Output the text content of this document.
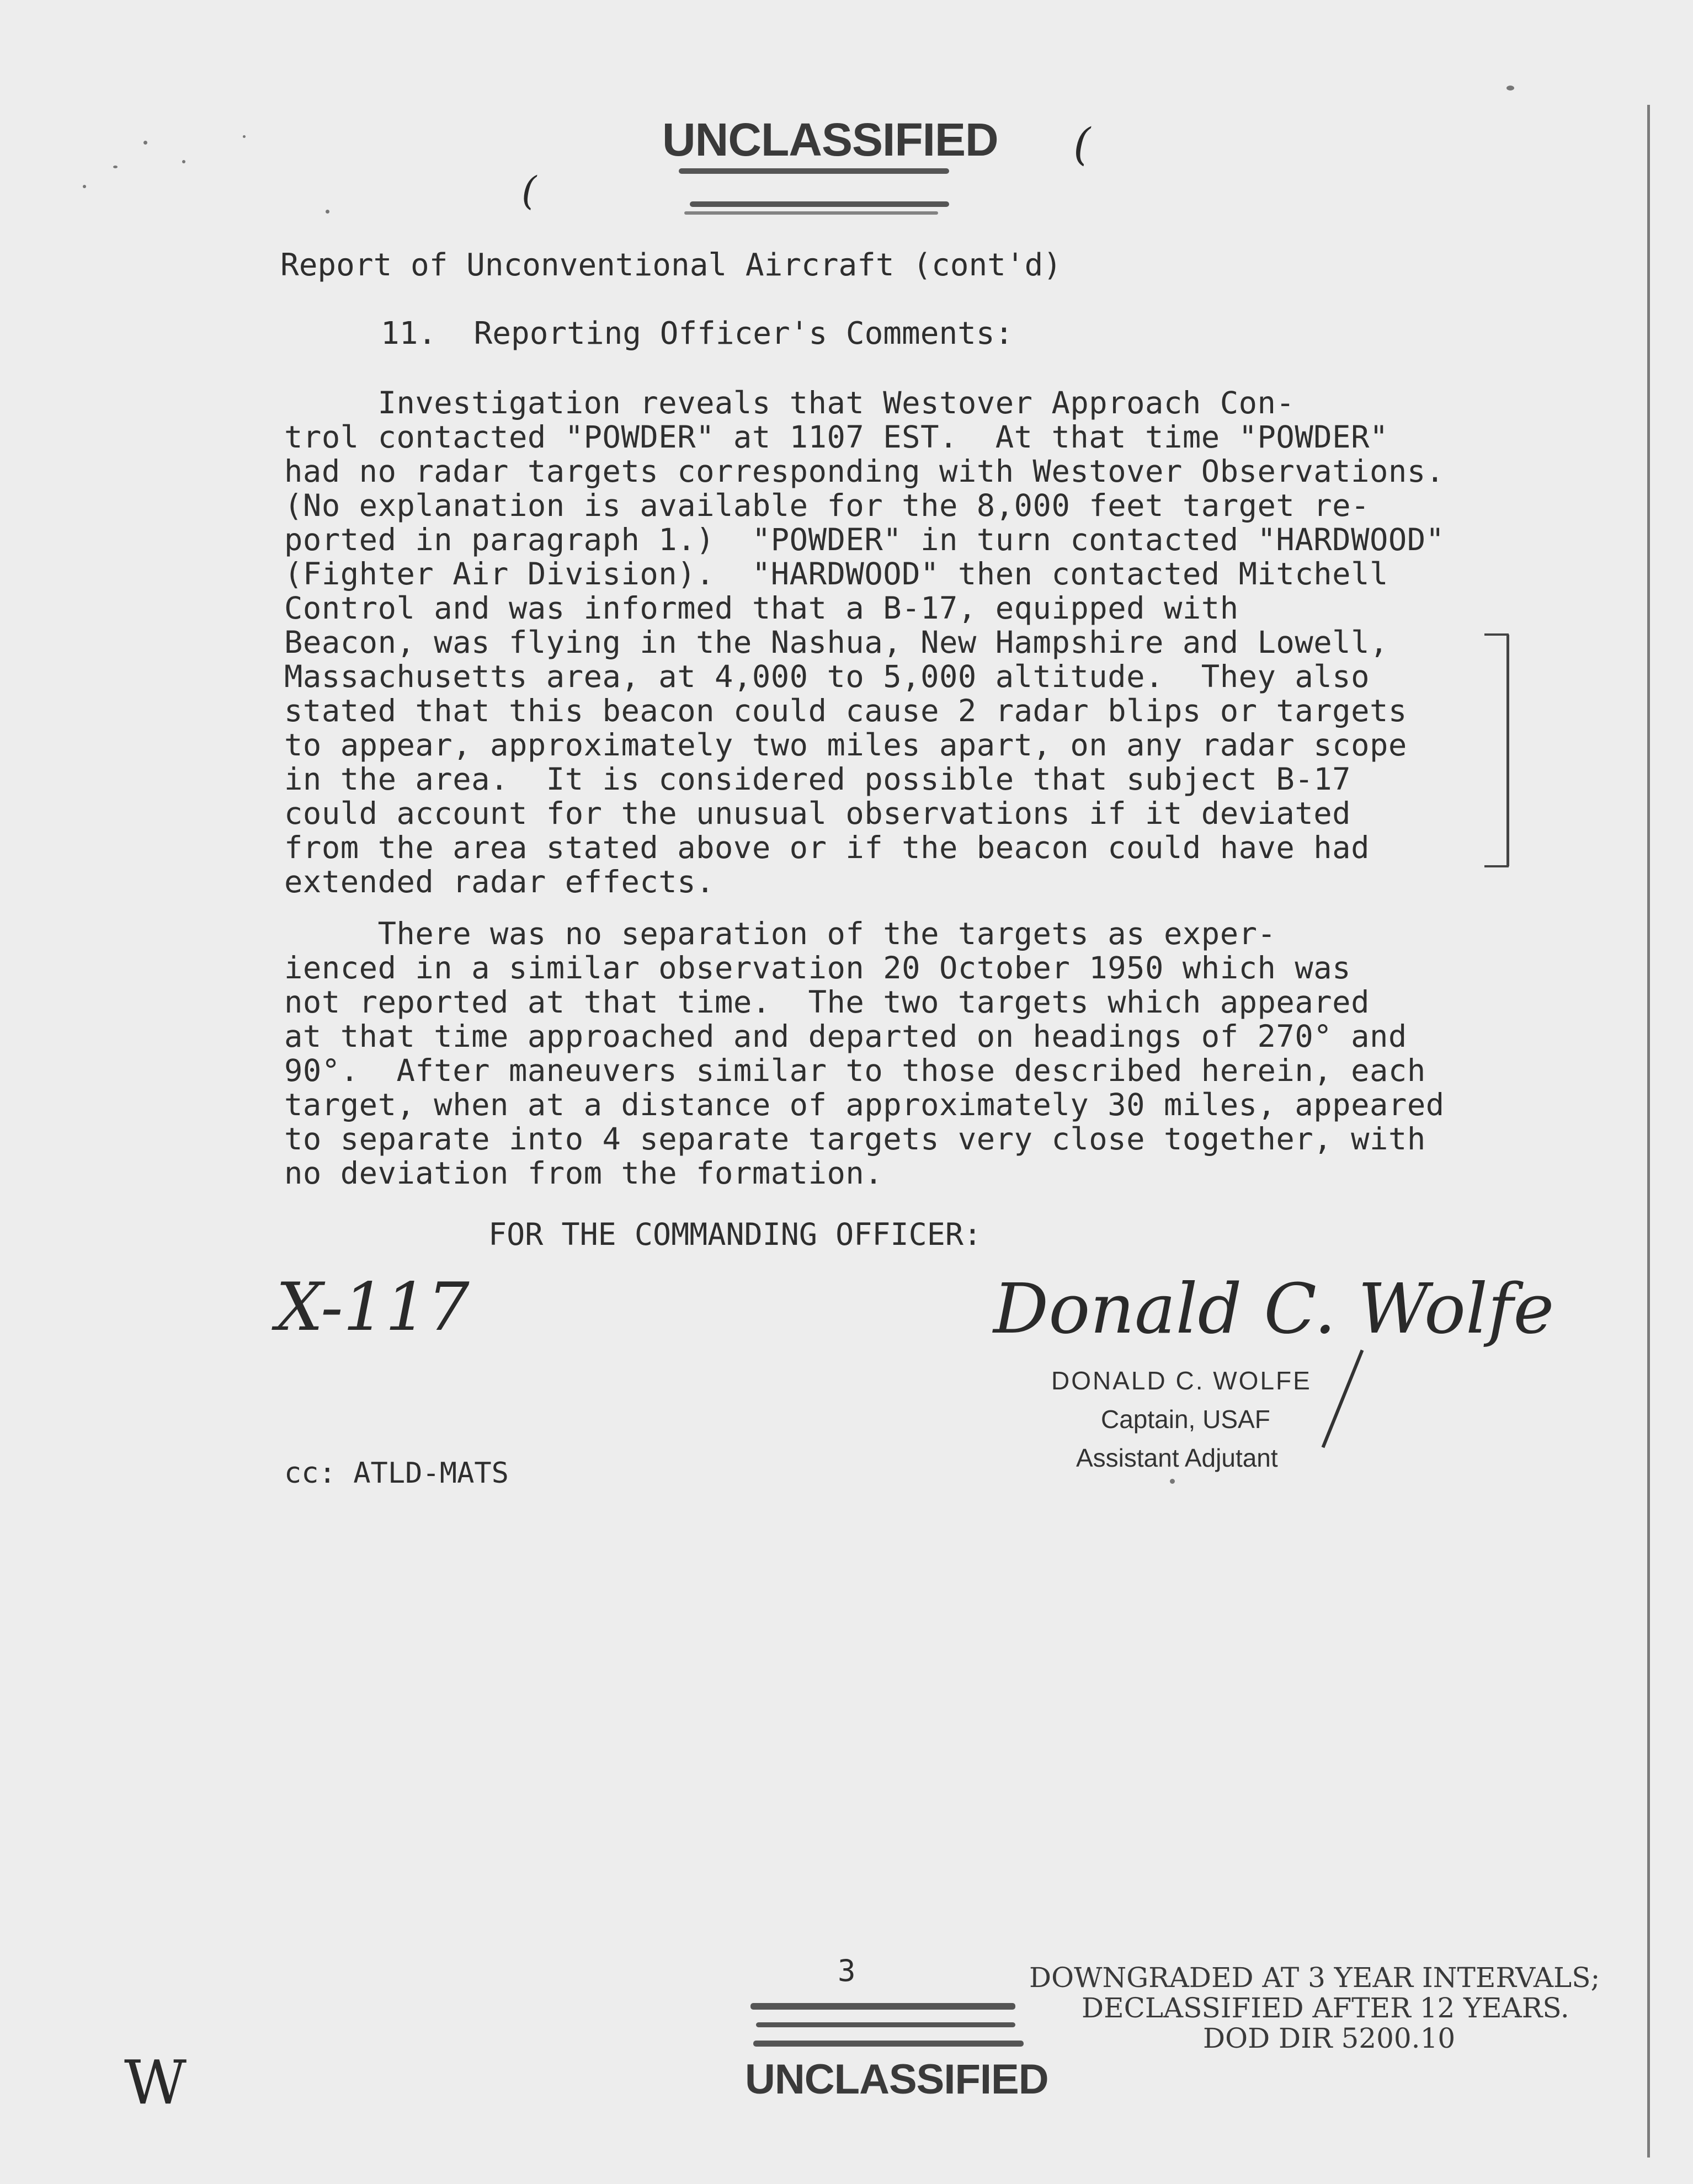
UNCLASSIFIED
(
(
Report of Unconventional Aircraft (cont'd)
11.  Reporting Officer's Comments:
Investigation reveals that Westover Approach Con-
trol contacted "POWDER" at 1107 EST.  At that time "POWDER"
had no radar targets corresponding with Westover Observations.
(No explanation is available for the 8,000 feet target re-
ported in paragraph 1.)  "POWDER" in turn contacted "HARDWOOD"
(Fighter Air Division).  "HARDWOOD" then contacted Mitchell
Control and was informed that a B-17, equipped with
Beacon, was flying in the Nashua, New Hampshire and Lowell,
Massachusetts area, at 4,000 to 5,000 altitude.  They also
stated that this beacon could cause 2 radar blips or targets
to appear, approximately two miles apart, on any radar scope
in the area.  It is considered possible that subject B-17
could account for the unusual observations if it deviated
from the area stated above or if the beacon could have had
extended radar effects.
There was no separation of the targets as exper-
ienced in a similar observation 20 October 1950 which was
not reported at that time.  The two targets which appeared
at that time approached and departed on headings of 270° and
90°.  After maneuvers similar to those described herein, each
target, when at a distance of approximately 30 miles, appeared
to separate into 4 separate targets very close together, with
no deviation from the formation.
FOR THE COMMANDING OFFICER:
X-117	Donald C. Wolfe
DONALD C. WOLFE
Captain, USAF
Assistant Adjutant
cc: ATLD-MATS
3
W	UNCLASSIFIED
DOWNGRADED AT 3 YEAR INTERVALS;
DECLASSIFIED AFTER 12 YEARS.
DOD DIR 5200.10
